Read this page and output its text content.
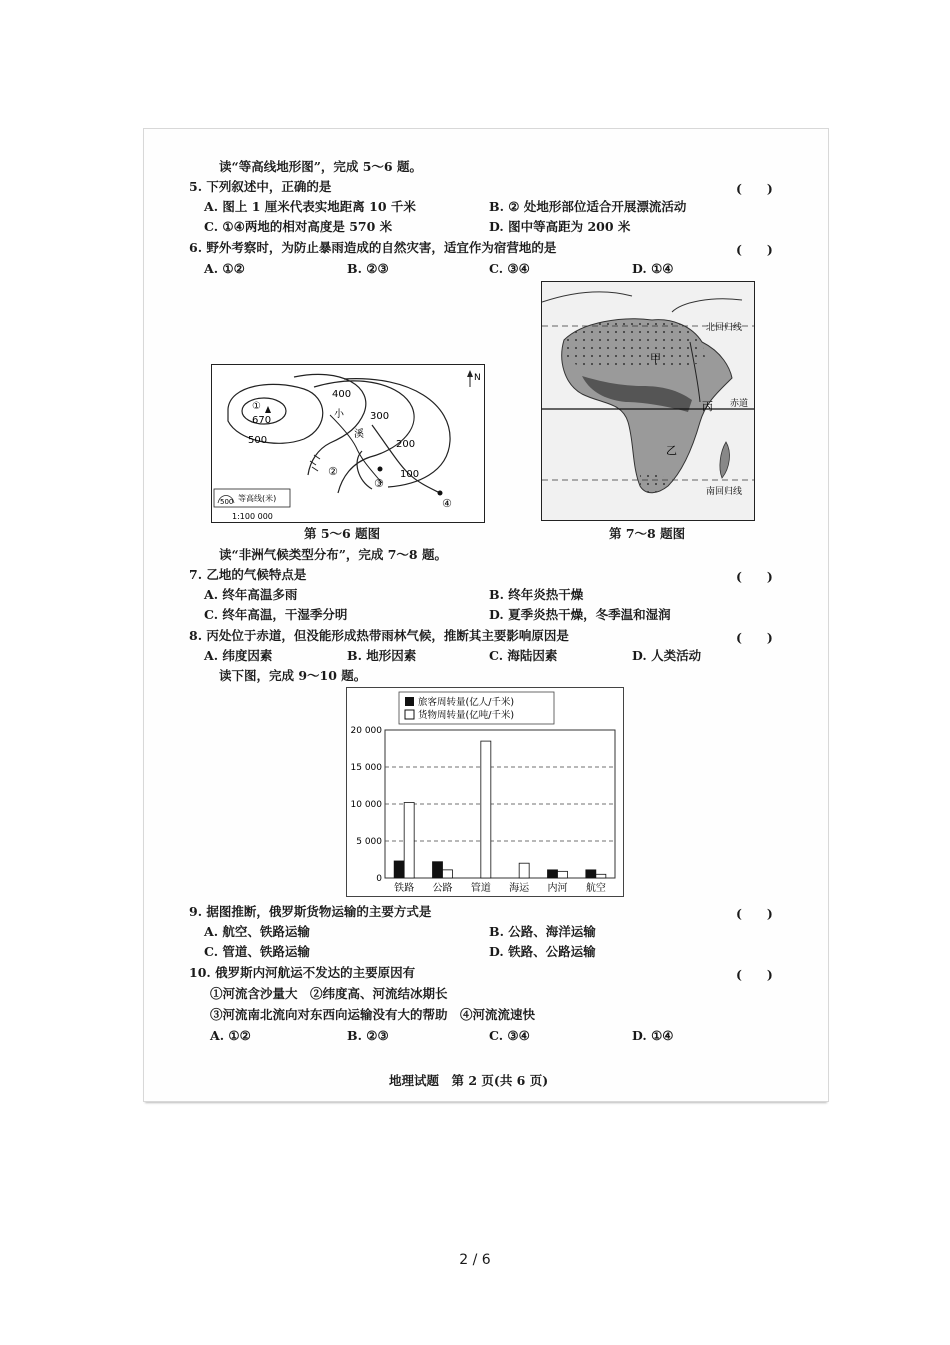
读“等高线地形图”，完成 5～6 题。
5. 下列叙述中，正确的是	(　　)
A. 图上 1 厘米代表实地距离 10 千米	B. ② 处地形部位适合开展漂流活动
C. ①④两地的相对高度是 570 米	D. 图中等高距为 200 米
6. 野外考察时，为防止暴雨造成的自然灾害，适宜作为宿营地的是	(　　)
A. ①②	B. ②③	C. ③④	D. ①④
N
400
300
200
100
500
670
小
溪
①
②
③
④
500 等高线(米)
1:100 000
第 5～6 题图
北回归线
甲
丙 赤道
乙
南回归线
第 7～8 题图
读“非洲气候类型分布”，完成 7～8 题。
7. 乙地的气候特点是	(　　)
A. 终年高温多雨	B. 终年炎热干燥
C. 终年高温，干湿季分明	D. 夏季炎热干燥，冬季温和湿润
8. 丙处位于赤道，但没能形成热带雨林气候，推断其主要影响原因是	(　　)
A. 纬度因素	B. 地形因素	C. 海陆因素	D. 人类活动
读下图，完成 9～10 题。
旅客周转量(亿人/千米)
货物周转量(亿吨/千米)
0
5 000
10 000
15 000
20 000
铁路 公路 管道 海运 内河 航空
9. 据图推断，俄罗斯货物运输的主要方式是	(　　)
A. 航空、铁路运输	B. 公路、海洋运输
C. 管道、铁路运输	D. 铁路、公路运输
10. 俄罗斯内河航运不发达的主要原因有	(　　)
①河流含沙量大　②纬度高、河流结冰期长
③河流南北流向对东西向运输没有大的帮助　④河流流速快
A. ①②	B. ②③	C. ③④	D. ①④
地理试题　第 2 页(共 6 页)
2 / 6
